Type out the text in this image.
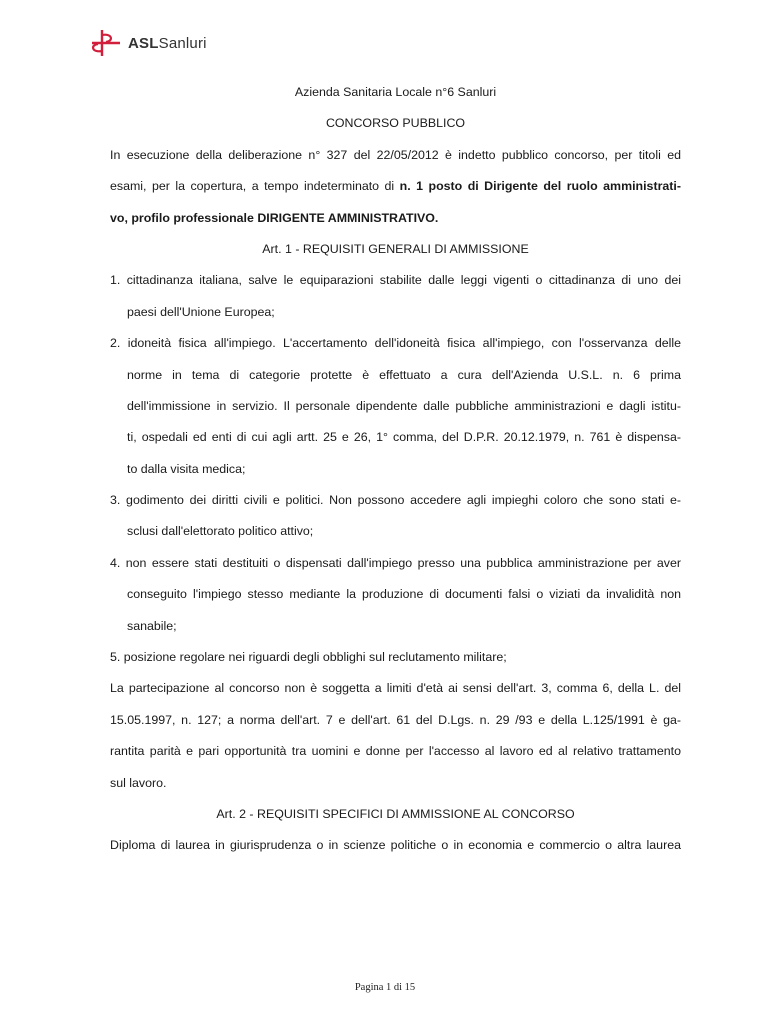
ASLSanluri
Azienda Sanitaria Locale n°6 Sanluri
CONCORSO PUBBLICO
In esecuzione della deliberazione n° 327 del 22/05/2012 è indetto pubblico concorso, per titoli ed
esami, per la copertura, a tempo indeterminato di n. 1 posto di Dirigente del ruolo amministrati-
vo, profilo professionale DIRIGENTE AMMINISTRATIVO.
Art. 1 - REQUISITI GENERALI DI AMMISSIONE
1. cittadinanza italiana, salve le equiparazioni stabilite dalle leggi vigenti o cittadinanza di uno dei
paesi dell'Unione Europea;
2. idoneità fisica all'impiego. L'accertamento dell'idoneità fisica all'impiego, con l'osservanza delle
norme in tema di categorie protette è effettuato a cura dell'Azienda U.S.L. n. 6 prima
dell'immissione in servizio. Il personale dipendente dalle pubbliche amministrazioni e dagli istitu-
ti, ospedali ed enti di cui agli artt. 25 e 26, 1° comma, del D.P.R. 20.12.1979, n. 761 è dispensa-
to dalla visita medica;
3. godimento dei diritti civili e politici. Non possono accedere agli impieghi coloro che sono stati e-
sclusi dall'elettorato politico attivo;
4. non essere stati destituiti o dispensati dall'impiego presso una pubblica amministrazione per aver
conseguito l'impiego stesso mediante la produzione di documenti falsi o viziati da invalidità non
sanabile;
5. posizione regolare nei riguardi degli obblighi sul reclutamento militare;
La partecipazione al concorso non è soggetta a limiti d'età ai sensi dell'art. 3, comma 6, della L. del
15.05.1997, n. 127; a norma dell'art. 7 e dell'art. 61 del D.Lgs. n. 29 /93 e della L.125/1991 è ga-
rantita parità e pari opportunità tra uomini e donne per l'accesso al lavoro ed al relativo trattamento
sul lavoro.
Art. 2 - REQUISITI SPECIFICI DI AMMISSIONE AL CONCORSO
Diploma di laurea in giurisprudenza o in scienze politiche o in economia e commercio o altra laurea
Pagina 1 di 15
